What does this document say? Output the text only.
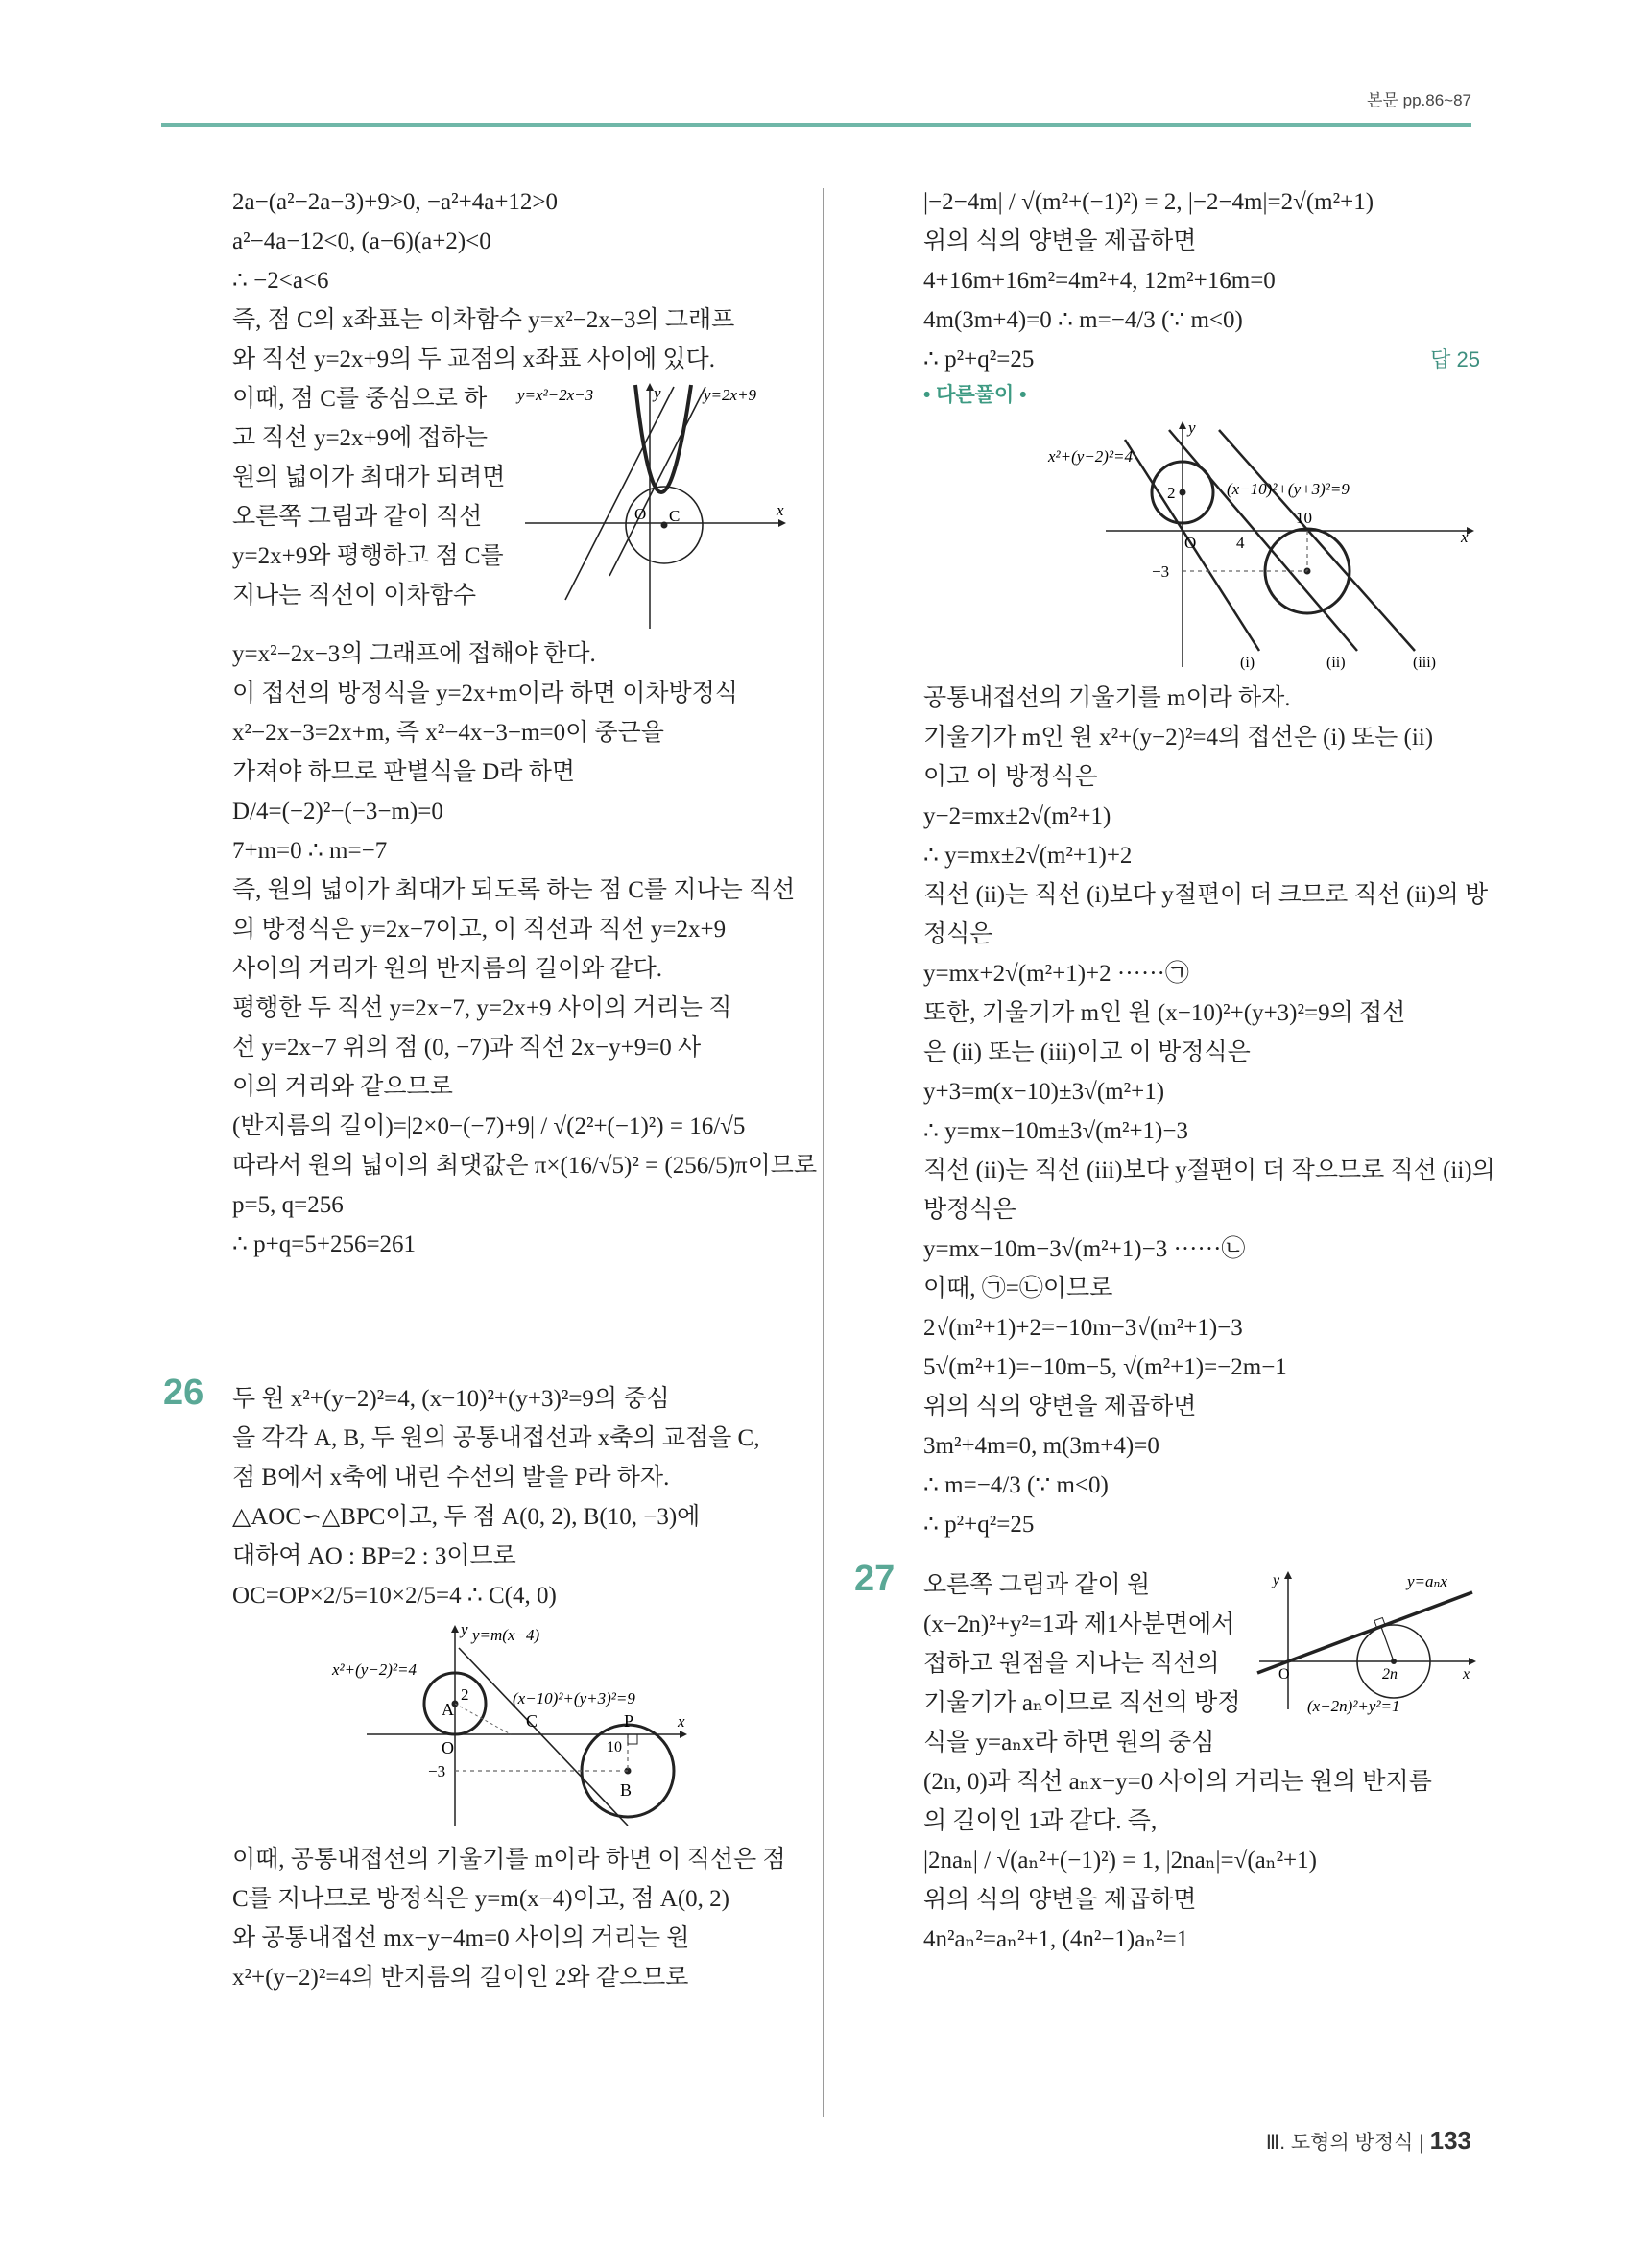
본문 pp.86~87
2a−(a²−2a−3)+9>0, −a²+4a+12>0
a²−4a−12<0, (a−6)(a+2)<0
∴ −2<a<6
즉, 점 C의 x좌표는 이차함수 y=x²−2x−3의 그래프
와 직선 y=2x+9의 두 교점의 x좌표 사이에 있다.
y=x²−2x−3	y=2x+9
y
x
O C
이때, 점 C를 중심으로 하고 직선 y=2x+9에 접하는 원의 넓이가 최대가 되려면 오른쪽 그림과 같이 직선 y=2x+9와 평행하고 점 C를 지나는 직선이 이차함수
y=x²−2x−3의 그래프에 접해야 한다.
이 접선의 방정식을 y=2x+m이라 하면 이차방정식
x²−2x−3=2x+m, 즉 x²−4x−3−m=0이 중근을
가져야 하므로 판별식을 D라 하면
D/4=(−2)²−(−3−m)=0
7+m=0 ∴ m=−7
즉, 원의 넓이가 최대가 되도록 하는 점 C를 지나는 직선
의 방정식은 y=2x−7이고, 이 직선과 직선 y=2x+9
사이의 거리가 원의 반지름의 길이와 같다.
평행한 두 직선 y=2x−7, y=2x+9 사이의 거리는 직
선 y=2x−7 위의 점 (0, −7)과 직선 2x−y+9=0 사
이의 거리와 같으므로
(반지름의 길이)=|2×0−(−7)+9| / √(2²+(−1)²) = 16/√5
따라서 원의 넓이의 최댓값은 π×(16/√5)² = (256/5)π이므로
p=5, q=256
∴ p+q=5+256=261
26 두 원 x²+(y−2)²=4, (x−10)²+(y+3)²=9의 중심
을 각각 A, B, 두 원의 공통내접선과 x축의 교점을 C,
점 B에서 x축에 내린 수선의 발을 P라 하자.
△AOC∽△BPC이고, 두 점 A(0, 2), B(10, −3)에
대하여 AO : BP=2 : 3이므로
OC=OP×2/5=10×2/5=4 ∴ C(4, 0)
x²+(y−2)²=4
y=m(x−4)
(x−10)²+(y+3)²=9
A
2
C	P
10
O
−3
B
x
y
이때, 공통내접선의 기울기를 m이라 하면 이 직선은 점
C를 지나므로 방정식은 y=m(x−4)이고, 점 A(0, 2)
와 공통내접선 mx−y−4m=0 사이의 거리는 원
x²+(y−2)²=4의 반지름의 길이인 2와 같으므로
|−2−4m| / √(m²+(−1)²) = 2, |−2−4m|=2√(m²+1)
위의 식의 양변을 제곱하면
4+16m+16m²=4m²+4, 12m²+16m=0
4m(3m+4)=0 ∴ m=−4/3 (∵ m<0)
∴ p²+q²=25	답 25
• 다른풀이 •
x²+(y−2)²=4
(x−10)²+(y+3)²=9
2
O 4
10
−3
x
y
(i)	(ii)	(iii)
공통내접선의 기울기를 m이라 하자.
기울기가 m인 원 x²+(y−2)²=4의 접선은 (i) 또는 (ii)
이고 이 방정식은
y−2=mx±2√(m²+1)
∴ y=mx±2√(m²+1)+2
직선 (ii)는 직선 (i)보다 y절편이 더 크므로 직선 (ii)의 방
정식은
y=mx+2√(m²+1)+2 ······㉠
또한, 기울기가 m인 원 (x−10)²+(y+3)²=9의 접선
은 (ii) 또는 (iii)이고 이 방정식은
y+3=m(x−10)±3√(m²+1)
∴ y=mx−10m±3√(m²+1)−3
직선 (ii)는 직선 (iii)보다 y절편이 더 작으므로 직선 (ii)의
방정식은
y=mx−10m−3√(m²+1)−3 ······㉡
이때, ㉠=㉡이므로
2√(m²+1)+2=−10m−3√(m²+1)−3
5√(m²+1)=−10m−5, √(m²+1)=−2m−1
위의 식의 양변을 제곱하면
3m²+4m=0, m(3m+4)=0
∴ m=−4/3 (∵ m<0)
∴ p²+q²=25
27	y	y=aₙx
O	2n	x
(x−2n)²+y²=1
오른쪽 그림과 같이 원 (x−2n)²+y²=1과 제1사분면에서 접하고 원점을 지나는 직선의 기울기가 aₙ이므로 직선의 방정식을 y=aₙx라 하면 원의 중심
(2n, 0)과 직선 aₙx−y=0 사이의 거리는 원의 반지름
의 길이인 1과 같다. 즉,
|2naₙ| / √(aₙ²+(−1)²) = 1, |2naₙ|=√(aₙ²+1)
위의 식의 양변을 제곱하면
4n²aₙ²=aₙ²+1, (4n²−1)aₙ²=1
Ⅲ. 도형의 방정식 | 133
